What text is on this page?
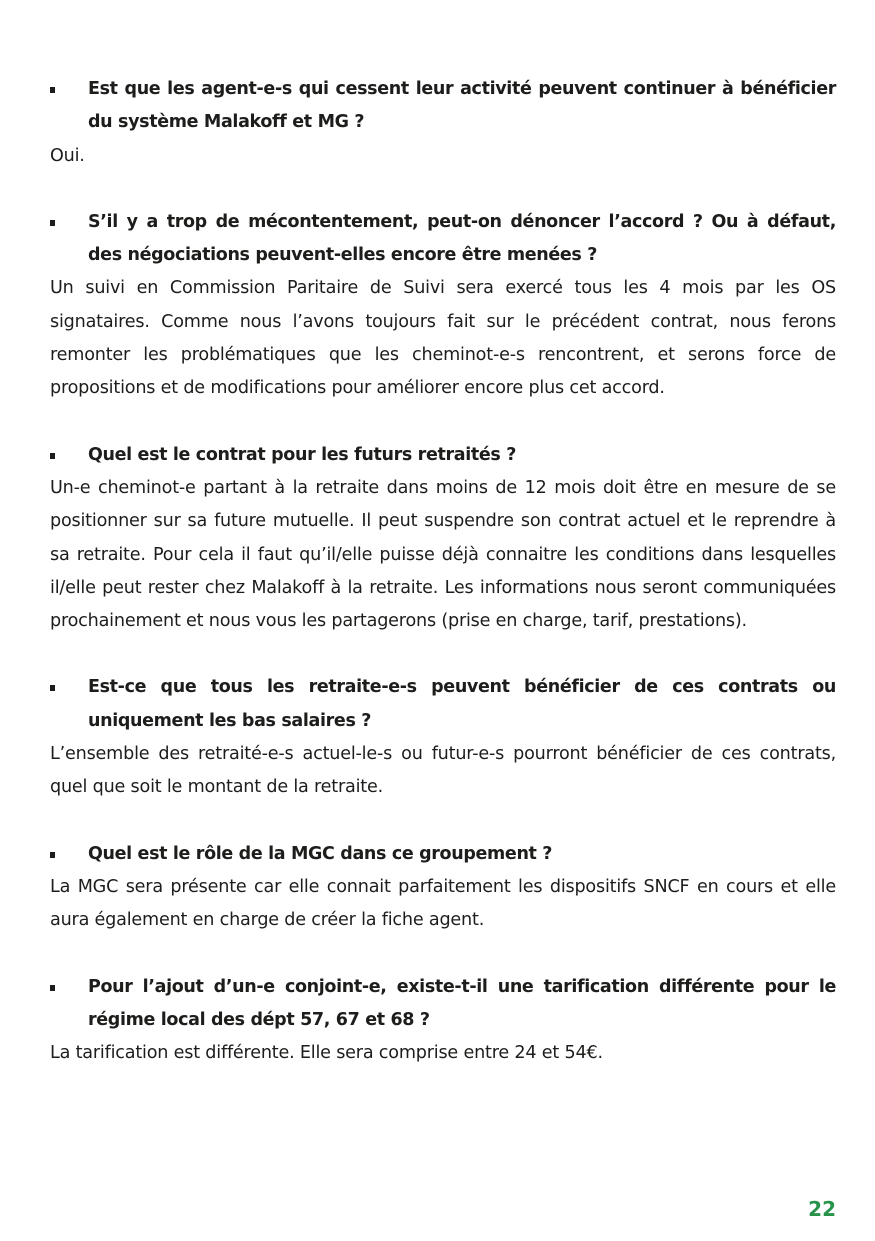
Est que les agent-e-s qui cessent leur activité peuvent continuer à bénéficier du système Malakoff et MG ?
Oui.
S’il y a trop de mécontentement, peut-on dénoncer l’accord ? Ou à défaut, des négociations peuvent-elles encore être menées ?
Un suivi en Commission Paritaire de Suivi sera exercé tous les 4 mois par les OS signataires. Comme nous l’avons toujours fait sur le précédent contrat, nous ferons remonter les problématiques que les cheminot-e-s rencontrent, et serons force de propositions et de modifications pour améliorer encore plus cet accord.
Quel est le contrat pour les futurs retraités ?
Un-e cheminot-e partant à la retraite dans moins de 12 mois doit être en mesure de se positionner sur sa future mutuelle. Il peut suspendre son contrat actuel et le reprendre à sa retraite. Pour cela il faut qu’il/elle puisse déjà connaitre les conditions dans lesquelles il/elle peut rester chez Malakoff à la retraite. Les informations nous seront communiquées prochainement et nous vous les partagerons (prise en charge, tarif, prestations).
Est-ce que tous les retraite-e-s peuvent bénéficier de ces contrats ou uniquement les bas salaires ?
L’ensemble des retraité-e-s actuel-le-s ou futur-e-s pourront bénéficier de ces contrats, quel que soit le montant de la retraite.
Quel est le rôle de la MGC dans ce groupement ?
La MGC sera présente car elle connait parfaitement les dispositifs SNCF en cours et elle aura également en charge de créer la fiche agent.
Pour l’ajout d’un-e conjoint-e, existe-t-il une tarification différente pour le régime local des dépt 57, 67 et 68 ?
La tarification est différente. Elle sera comprise entre 24 et 54€.
22
